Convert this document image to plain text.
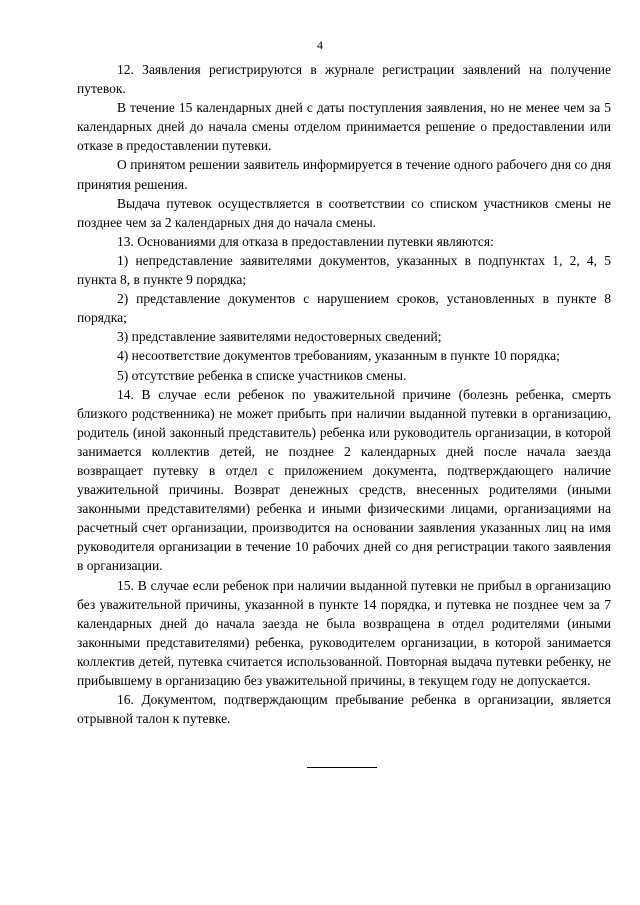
4

12. Заявления регистрируются в журнале регистрации заявлений на получение путевок.

В течение 15 календарных дней с даты поступления заявления, но не менее чем за 5 календарных дней до начала смены отделом принимается решение о предоставлении или отказе в предоставлении путевки.

О принятом решении заявитель информируется в течение одного рабочего дня со дня принятия решения.

Выдача путевок осуществляется в соответствии со списком участников смены не позднее чем за 2 календарных дня до начала смены.

13. Основаниями для отказа в предоставлении путевки являются:

1) непредставление заявителями документов, указанных в подпунктах 1, 2, 4, 5 пункта 8, в пункте 9 порядка;

2) представление документов с нарушением сроков, установленных в пункте 8 порядка;

3) представление заявителями недостоверных сведений;

4) несоответствие документов требованиям, указанным в пункте 10 порядка;

5) отсутствие ребенка в списке участников смены.

14. В случае если ребенок по уважительной причине (болезнь ребенка, смерть близкого родственника) не может прибыть при наличии выданной путевки в организацию, родитель (иной законный представитель) ребенка или руководитель организации, в которой занимается коллектив детей, не позднее 2 календарных дней после начала заезда возвращает путевку в отдел с приложением документа, подтверждающего наличие уважительной причины. Возврат денежных средств, внесенных родителями (иными законными представителями) ребенка и иными физическими лицами, организациями на расчетный счет организации, производится на основании заявления указанных лиц на имя руководителя организации в течение 10 рабочих дней со дня регистрации такого заявления в организации.

15. В случае если ребенок при наличии выданной путевки не прибыл в организацию без уважительной причины, указанной в пункте 14 порядка, и путевка не позднее чем за 7 календарных дней до начала заезда не была возвращена в отдел родителями (иными законными представителями) ребенка, руководителем организации, в которой занимается коллектив детей, путевка считается использованной. Повторная выдача путевки ребенку, не прибывшему в организацию без уважительной причины, в текущем году не допускается.

16. Документом, подтверждающим пребывание ребенка в организации, является отрывной талон к путевке.
